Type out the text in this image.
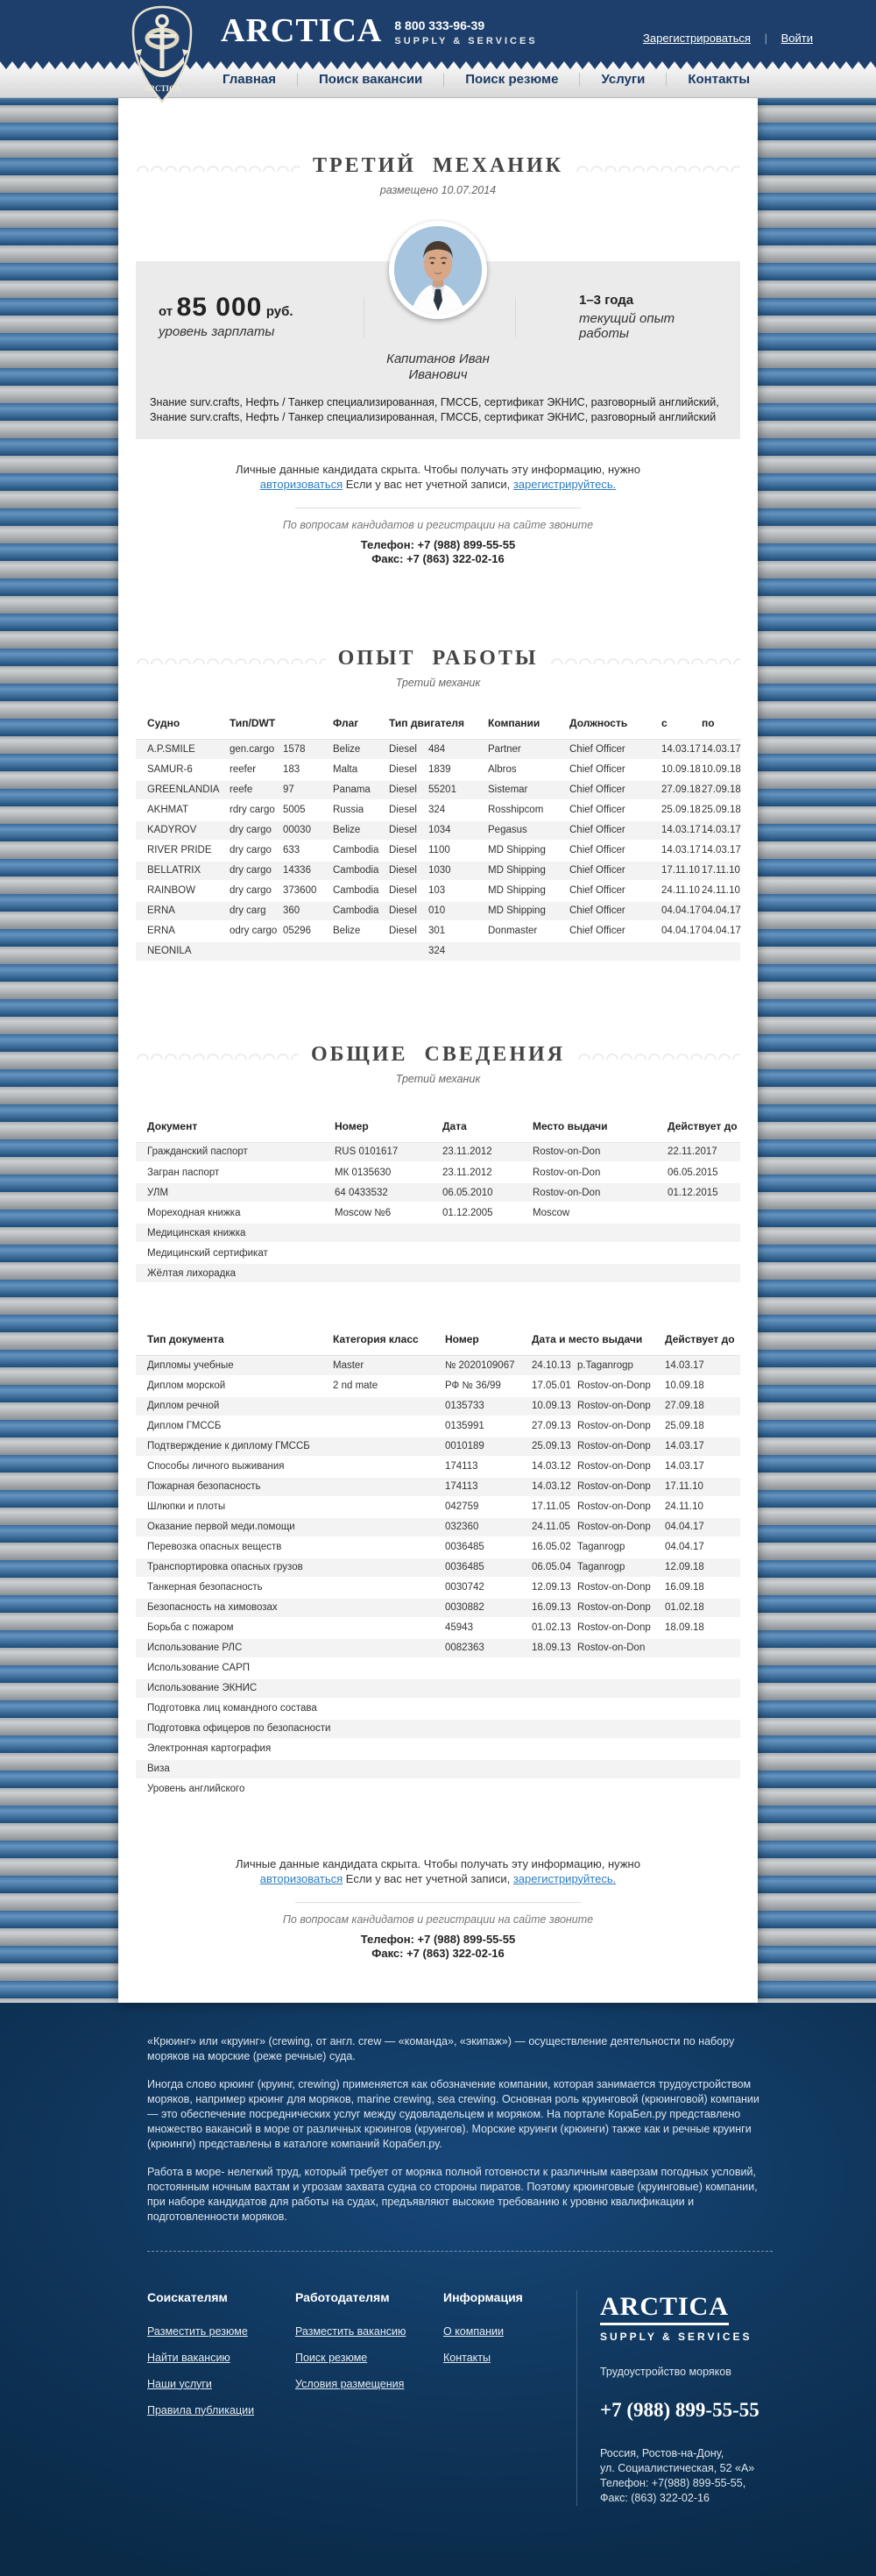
ARCTICA
ARCTICA 8 800 333-96-39
SUPPLY & SERVICES	Зарегистрироваться | Войти
Главная	Поиск вакансии	Поиск резюме	Услуги	Контакты
ТРЕТИЙ МЕХАНИК
размещено 10.07.2014
от 85 000 руб.
уровень зарплаты
1–3 года
текущий опыт работы
Капитанов Иван
Иванович
Знание surv.crafts, Нефть / Танкер специализированная, ГМССБ, сертификат ЭКНИС, разговорный английский, Знание surv.crafts, Нефть / Танкер специализированная, ГМССБ, сертификат ЭКНИС, разговорный английский
Личные данные кандидата скрыта. Чтобы получать эту информацию, нужно
авторизоваться Если у вас нет учетной записи, зарегистрируйтесь.
По вопросам кандидатов и регистрации на сайте звоните
Телефон: +7 (988) 899-55-55
Факс: +7 (863) 322-02-16
ОПЫТ РАБОТЫ
Третий механик
Судно	Тип/DWT		Флаг	Тип двигателя		Компании	Должность	с	по
A.P.SMILE	gen.cargo	1578	Belize	Diesel	484	Partner	Chief Officer	14.03.17	14.03.17
SAMUR-6	reefer	183	Malta	Diesel	1839	Albros	Chief Officer	10.09.18	10.09.18
GREENLANDIA	reefe	97	Panama	Diesel	55201	Sistemar	Chief Officer	27.09.18	27.09.18
AKHMAT	rdry cargo	5005	Russia	Diesel	324	Rosshipcom	Chief Officer	25.09.18	25.09.18
KADYROV	dry cargo	00030	Belize	Diesel	1034	Pegasus	Chief Officer	14.03.17	14.03.17
RIVER PRIDE	dry cargo	633	Cambodia	Diesel	1100	MD Shipping	Chief Officer	14.03.17	14.03.17
BELLATRIX	dry cargo	14336	Cambodia	Diesel	1030	MD Shipping	Chief Officer	17.11.10	17.11.10
RAINBOW	dry cargo	373600	Cambodia	Diesel	103	MD Shipping	Chief Officer	24.11.10	24.11.10
ERNA	dry carg	360	Cambodia	Diesel	010	MD Shipping	Chief Officer	04.04.17	04.04.17
ERNA	odry cargo	05296	Belize	Diesel	301	Donmaster	Chief Officer	04.04.17	04.04.17
NEONILA					324				
ОБЩИЕ СВЕДЕНИЯ
Третий механик
Документ	Номер	Дата	Место выдачи	Действует до
Гражданский паспорт	RUS 0101617	23.11.2012	Rostov-on-Don	22.11.2017
Загран паспорт	МК 0135630	23.11.2012	Rostov-on-Don	06.05.2015
УЛМ	64 0433532	06.05.2010	Rostov-on-Don	01.12.2015
Мореходная книжка	Moscow №6	01.12.2005	Moscow	
Медицинская книжка				
Медицинский сертификат				
Жёлтая лихорадка				
Тип документа	Категория класс	Номер	Дата и место выдачи		Действует до
Дипломы учебные	Master	№ 2020109067	24.10.13	p.Taganrogp	14.03.17
Диплом морской	2 nd mate	РФ № 36/99	17.05.01	Rostov-on-Donp	10.09.18
Диплом речной		0135733	10.09.13	Rostov-on-Donp	27.09.18
Диплом ГМССБ		0135991	27.09.13	Rostov-on-Donp	25.09.18
Подтверждение к диплому ГМССБ		0010189	25.09.13	Rostov-on-Donp	14.03.17
Способы личного выживания		174113	14.03.12	Rostov-on-Donp	14.03.17
Пожарная безопасность		174113	14.03.12	Rostov-on-Donp	17.11.10
Шлюпки и плоты		042759	17.11.05	Rostov-on-Donp	24.11.10
Оказание первой меди.помощи		032360	24.11.05	Rostov-on-Donp	04.04.17
Перевозка опасных веществ		0036485	16.05.02	Taganrogp	04.04.17
Транспортировка опасных грузов		0036485	06.05.04	Taganrogp	12.09.18
Танкерная безопасность		0030742	12.09.13	Rostov-on-Donp	16.09.18
Безопасность на химовозах		0030882	16.09.13	Rostov-on-Donp	01.02.18
Борьба с пожаром		45943	01.02.13	Rostov-on-Donp	18.09.18
Использование РЛС		0082363	18.09.13	Rostov-on-Don	
Использование САРП					
Использование ЭКНИС					
Подготовка лиц командного состава					
Подготовка офицеров по безопасности					
Электронная картография					
Виза					
Уровень английского					
Личные данные кандидата скрыта. Чтобы получать эту информацию, нужно
авторизоваться Если у вас нет учетной записи, зарегистрируйтесь.
По вопросам кандидатов и регистрации на сайте звоните
Телефон: +7 (988) 899-55-55
Факс: +7 (863) 322-02-16

«Крюинг» или «круинг» (crewing, от англ. crew — «команда», «экипаж») — осуществление деятельности по набору моряков на морские (реже речные) суда.

Иногда слово крюинг (круинг, crewing) применяется как обозначение компании, которая занимается трудоустройством моряков, например крюинг для моряков, marine crewing, sea crewing. Основная роль круинговой (крюинговой) компании — это обеспечение посреднических услуг между судовладельцем и моряком. На портале КораБел.ру представлено множество вакансий в море от различных крюингов (круингов). Морские круинги (крюинги) также как и речные круинги (крюинги) представлены в каталоге компаний Корабел.ру.

Работа в море- нелегкий труд, который требует от моряка полной готовности к различным каверзам погодных условий, постоянным ночным вахтам и угрозам захвата судна со стороны пиратов. Поэтому крюинговые (круинговые) компании, при наборе кандидатов для работы на судах, предъявляют высокие требованию к уровню квалификации и подготовленности моряков.

Соискателям
Разместить резюме
Найти вакансию
Наши услуги
Правила публикации
Работодателям
Разместить вакансию
Поиск резюме
Условия размещения
Информация
О компании
Контакты
ARCTICA
SUPPLY & SERVICES
Трудоустройство моряков
+7 (988) 899-55-55
Россия, Ростов-на-Дону,
ул. Социалистическая, 52 «А»
Телефон: +7(988) 899-55-55,
Факс: (863) 322-02-16
